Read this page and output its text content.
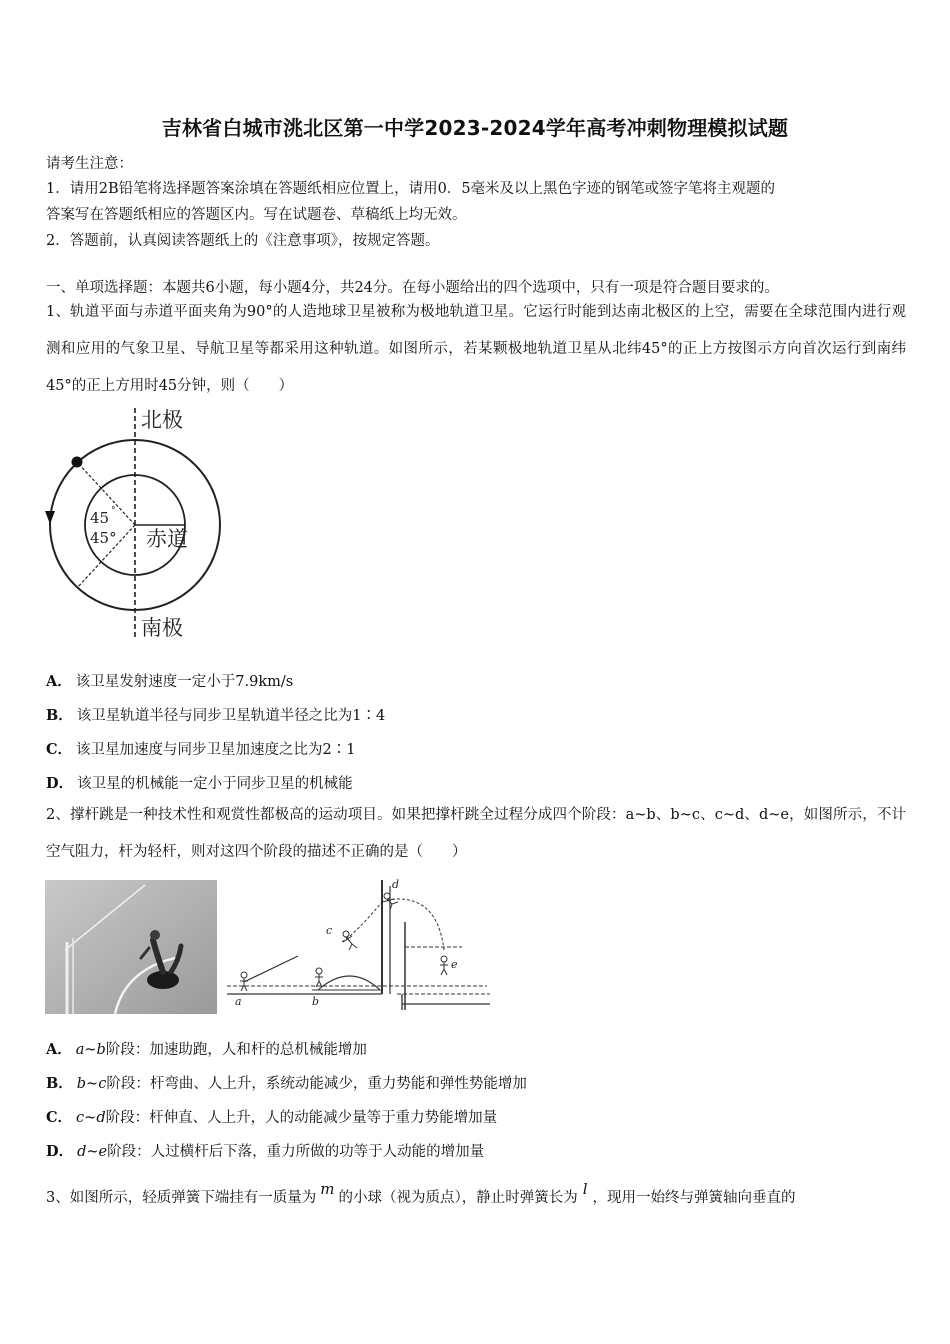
吉林省白城市洮北区第一中学2023-2024学年高考冲刺物理模拟试题
请考生注意：
1．请用2B铅笔将选择题答案涂填在答题纸相应位置上，请用0．5毫米及以上黑色字迹的钢笔或签字笔将主观题的
答案写在答题纸相应的答题区内。写在试题卷、草稿纸上均无效。
2．答题前，认真阅读答题纸上的《注意事项》，按规定答题。
一、单项选择题：本题共6小题，每小题4分，共24分。在每小题给出的四个选项中，只有一项是符合题目要求的。
1、轨道平面与赤道平面夹角为90°的人造地球卫星被称为极地轨道卫星。它运行时能到达南北极区的上空，需要在全球范围内进行观测和应用的气象卫星、导航卫星等都采用这种轨道。如图所示，若某颗极地轨道卫星从北纬45°的正上方按图示方向首次运行到南纬45°的正上方用时45分钟，则（　　）
北极
南极
赤道
45 °
45°
A． 该卫星发射速度一定小于7.9km/s
B． 该卫星轨道半径与同步卫星轨道半径之比为1∶4
C． 该卫星加速度与同步卫星加速度之比为2∶1
D． 该卫星的机械能一定小于同步卫星的机械能
2、撑杆跳是一种技术性和观赏性都极高的运动项目。如果把撑杆跳全过程分成四个阶段：a~b、b~c、c~d、d~e，如图所示，不计空气阻力，杆为轻杆，则对这四个阶段的描述不正确的是（　　）
a	b
c
d
e
A． a~b阶段：加速助跑，人和杆的总机械能增加
B． b~c阶段：杆弯曲、人上升，系统动能减少，重力势能和弹性势能增加
C． c~d阶段：杆伸直、人上升，人的动能减少量等于重力势能增加量
D． d~e阶段：人过横杆后下落，重力所做的功等于人动能的增加量
3、如图所示，轻质弹簧下端挂有一质量为 m 的小球（视为质点），静止时弹簧长为 l ，现用一始终与弹簧轴向垂直的
